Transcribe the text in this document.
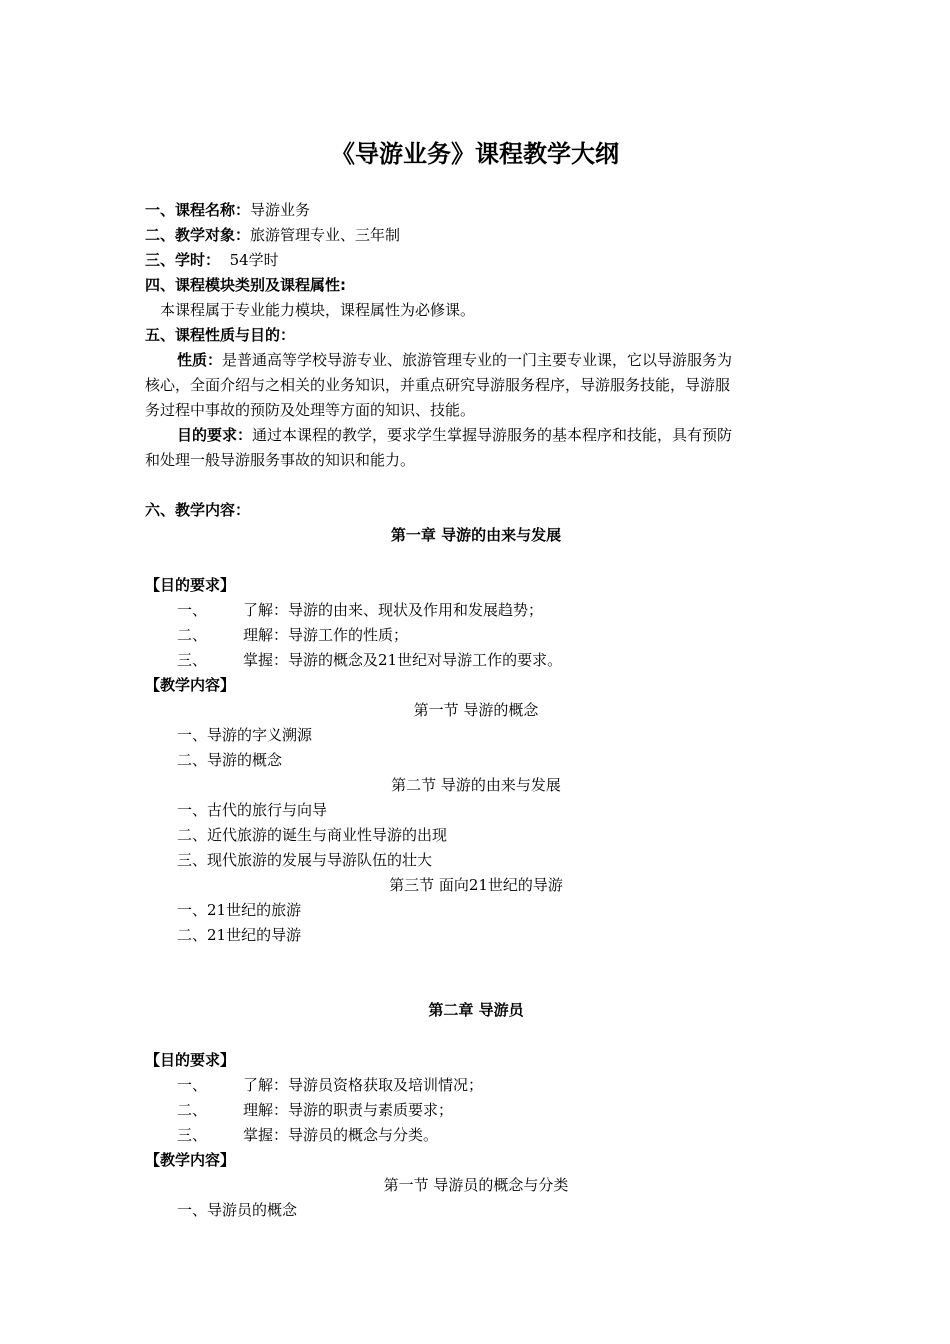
《导游业务》课程教学大纲
一、课程名称：导游业务
二、教学对象：旅游管理专业、三年制
三、学时： 54学时
四、课程模块类别及课程属性:
本课程属于专业能力模块，课程属性为必修课。
五、课程性质与目的：
性质：是普通高等学校导游专业、旅游管理专业的一门主要专业课，它以导游服务为
核心，全面介绍与之相关的业务知识，并重点研究导游服务程序，导游服务技能，导游服
务过程中事故的预防及处理等方面的知识、技能。
目的要求：通过本课程的教学，要求学生掌握导游服务的基本程序和技能，具有预防
和处理一般导游服务事故的知识和能力。
六、教学内容：
第一章 导游的由来与发展
【目的要求】
一、 了解：导游的由来、现状及作用和发展趋势；
二、 理解：导游工作的性质；
三、 掌握：导游的概念及21世纪对导游工作的要求。
【教学内容】
第一节 导游的概念
一、导游的字义溯源
二、导游的概念
第二节 导游的由来与发展
一、古代的旅行与向导
二、近代旅游的诞生与商业性导游的出现
三、现代旅游的发展与导游队伍的壮大
第三节 面向21世纪的导游
一、21世纪的旅游
二、21世纪的导游
第二章 导游员
【目的要求】
一、 了解：导游员资格获取及培训情况；
二、 理解：导游的职责与素质要求；
三、 掌握：导游员的概念与分类。
【教学内容】
第一节 导游员的概念与分类
一、导游员的概念
